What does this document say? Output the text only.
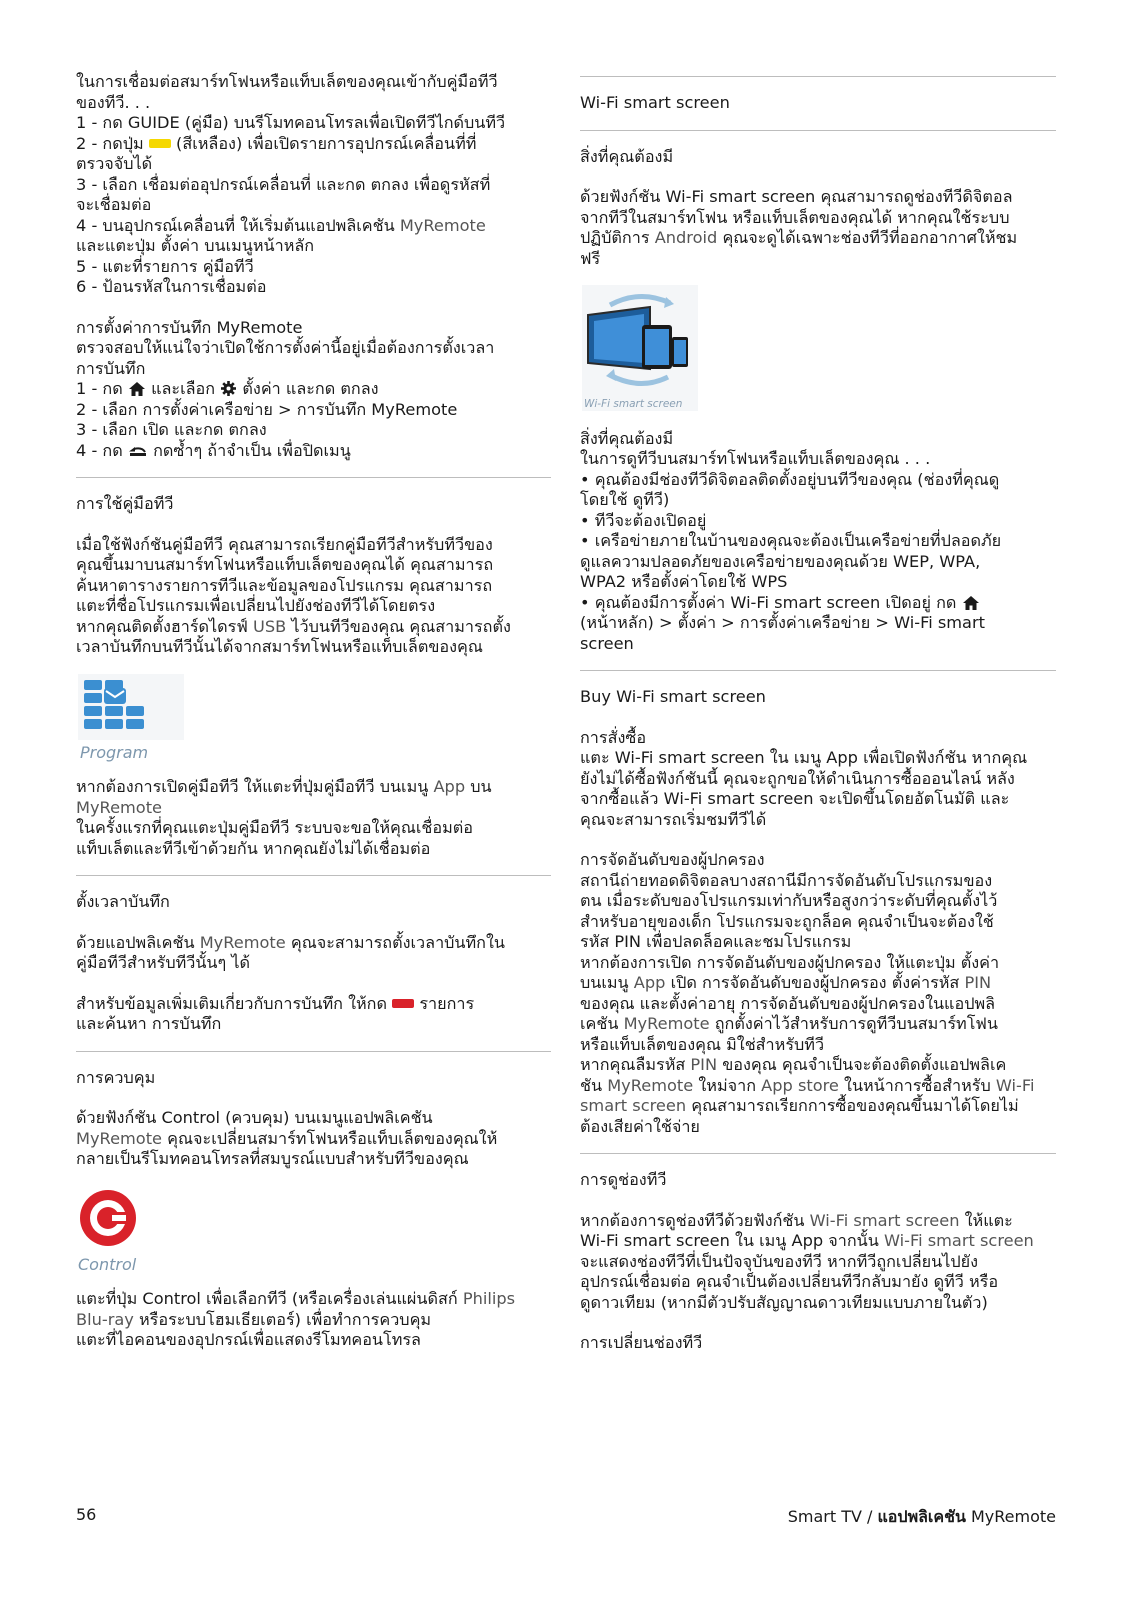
ในการเชื่อมต่อสมาร์ทโฟนหรือแท็บเล็ตของคุณเข้ากับคู่มือทีวี

ของทีวี. . .

1 - กด GUIDE (คู่มือ) บนรีโมทคอนโทรลเพื่อเปิดทีวีไกด์บนทีวี

2 - กดปุ่ม (สีเหลือง) เพื่อเปิดรายการอุปกรณ์เคลื่อนที่ที่

ตรวจจับได้

3 - เลือก เชื่อมต่ออุปกรณ์เคลื่อนที่ และกด ตกลง เพื่อดูรหัสที่

จะเชื่อมต่อ

4 - บนอุปกรณ์เคลื่อนที่ ให้เริ่มต้นแอปพลิเคชัน MyRemote

และแตะปุ่ม ตั้งค่า บนเมนูหน้าหลัก

5 - แตะที่รายการ คู่มือทีวี

6 - ป้อนรหัสในการเชื่อมต่อ

การตั้งค่าการบันทึก MyRemote

ตรวจสอบให้แน่ใจว่าเปิดใช้การตั้งค่านี้อยู่เมื่อต้องการตั้งเวลา

การบันทึก

1 - กด และเลือก ตั้งค่า และกด ตกลง

2 - เลือก การตั้งค่าเครือข่าย > การบันทึก MyRemote

3 - เลือก เปิด และกด ตกลง

4 - กด กดซ้ำๆ ถ้าจำเป็น เพื่อปิดเมนู

การใช้คู่มือทีวี

เมื่อใช้ฟังก์ชันคู่มือทีวี คุณสามารถเรียกคู่มือทีวีสำหรับทีวีของ

คุณขึ้นมาบนสมาร์ทโฟนหรือแท็บเล็ตของคุณได้ คุณสามารถ

ค้นหาตารางรายการทีวีและข้อมูลของโปรแกรม คุณสามารถ

แตะที่ชื่อโปรแกรมเพื่อเปลี่ยนไปยังช่องทีวีได้โดยตรง

หากคุณติดตั้งฮาร์ดไดรฟ์ USB ไว้บนทีวีของคุณ คุณสามารถตั้ง

เวลาบันทึกบนทีวีนั้นได้จากสมาร์ทโฟนหรือแท็บเล็ตของคุณ

Program

หากต้องการเปิดคู่มือทีวี ให้แตะที่ปุ่มคู่มือทีวี บนเมนู App บน

MyRemote

ในครั้งแรกที่คุณแตะปุ่มคู่มือทีวี ระบบจะขอให้คุณเชื่อมต่อ

แท็บเล็ตและทีวีเข้าด้วยกัน หากคุณยังไม่ได้เชื่อมต่อ

ตั้งเวลาบันทึก

ด้วยแอปพลิเคชัน MyRemote คุณจะสามารถตั้งเวลาบันทึกใน

คู่มือทีวีสำหรับทีวีนั้นๆ ได้

สำหรับข้อมูลเพิ่มเติมเกี่ยวกับการบันทึก ให้กด รายการ

และค้นหา การบันทึก

การควบคุม

ด้วยฟังก์ชัน Control (ควบคุม) บนเมนูแอปพลิเคชัน

MyRemote คุณจะเปลี่ยนสมาร์ทโฟนหรือแท็บเล็ตของคุณให้

กลายเป็นรีโมทคอนโทรลที่สมบูรณ์แบบสำหรับทีวีของคุณ

Control

แตะที่ปุ่ม Control เพื่อเลือกทีวี (หรือเครื่องเล่นแผ่นดิสก์ Philips

Blu-ray หรือระบบโฮมเธียเตอร์) เพื่อทำการควบคุม

แตะที่ไอคอนของอุปกรณ์เพื่อแสดงรีโมทคอนโทรล

Wi-Fi smart screen

สิ่งที่คุณต้องมี

ด้วยฟังก์ชัน Wi-Fi smart screen คุณสามารถดูช่องทีวีดิจิตอล

จากทีวีในสมาร์ทโฟน หรือแท็บเล็ตของคุณได้ หากคุณใช้ระบบ

ปฏิบัติการ Android คุณจะดูได้เฉพาะช่องทีวีที่ออกอากาศให้ชม

ฟรี

Wi-Fi smart screen

สิ่งที่คุณต้องมี

ในการดูทีวีบนสมาร์ทโฟนหรือแท็บเล็ตของคุณ . . .

• คุณต้องมีช่องทีวีดิจิตอลติดตั้งอยู่บนทีวีของคุณ (ช่องที่คุณดู

โดยใช้ ดูทีวี)

• ทีวีจะต้องเปิดอยู่

• เครือข่ายภายในบ้านของคุณจะต้องเป็นเครือข่ายที่ปลอดภัย

ดูแลความปลอดภัยของเครือข่ายของคุณด้วย WEP, WPA,

WPA2 หรือตั้งค่าโดยใช้ WPS

• คุณต้องมีการตั้งค่า Wi-Fi smart screen เปิดอยู่ กด

(หน้าหลัก) > ตั้งค่า > การตั้งค่าเครือข่าย > Wi-Fi smart

screen

Buy Wi-Fi smart screen

การสั่งซื้อ

แตะ Wi-Fi smart screen ใน เมนู App เพื่อเปิดฟังก์ชัน หากคุณ

ยังไม่ได้ซื้อฟังก์ชันนี้ คุณจะถูกขอให้ดำเนินการซื้อออนไลน์ หลัง

จากซื้อแล้ว Wi-Fi smart screen จะเปิดขึ้นโดยอัตโนมัติ และ

คุณจะสามารถเริ่มชมทีวีได้

การจัดอันดับของผู้ปกครอง

สถานีถ่ายทอดดิจิตอลบางสถานีมีการจัดอันดับโปรแกรมของ

ตน เมื่อระดับของโปรแกรมเท่ากับหรือสูงกว่าระดับที่คุณตั้งไว้

สำหรับอายุของเด็ก โปรแกรมจะถูกล็อค คุณจำเป็นจะต้องใช้

รหัส PIN เพื่อปลดล็อคและชมโปรแกรม

หากต้องการเปิด การจัดอันดับของผู้ปกครอง ให้แตะปุ่ม ตั้งค่า

บนเมนู App เปิด การจัดอันดับของผู้ปกครอง ตั้งค่ารหัส PIN

ของคุณ และตั้งค่าอายุ การจัดอันดับของผู้ปกครองในแอปพลิ

เคชัน MyRemote ถูกตั้งค่าไว้สำหรับการดูทีวีบนสมาร์ทโฟน

หรือแท็บเล็ตของคุณ มิใช่สำหรับทีวี

หากคุณลืมรหัส PIN ของคุณ คุณจำเป็นจะต้องติดตั้งแอปพลิเค

ชัน MyRemote ใหม่จาก App store ในหน้าการซื้อสำหรับ Wi-Fi

smart screen คุณสามารถเรียกการซื้อของคุณขึ้นมาได้โดยไม่

ต้องเสียค่าใช้จ่าย

การดูช่องทีวี

หากต้องการดูช่องทีวีด้วยฟังก์ชัน Wi-Fi smart screen ให้แตะ

Wi-Fi smart screen ใน เมนู App จากนั้น Wi-Fi smart screen

จะแสดงช่องทีวีที่เป็นปัจจุบันของทีวี หากทีวีถูกเปลี่ยนไปยัง

อุปกรณ์เชื่อมต่อ คุณจำเป็นต้องเปลี่ยนทีวีกลับมายัง ดูทีวี หรือ

ดูดาวเทียม (หากมีตัวปรับสัญญาณดาวเทียมแบบภายในตัว)

การเปลี่ยนช่องทีวี

56	Smart TV / แอปพลิเคชัน MyRemote
